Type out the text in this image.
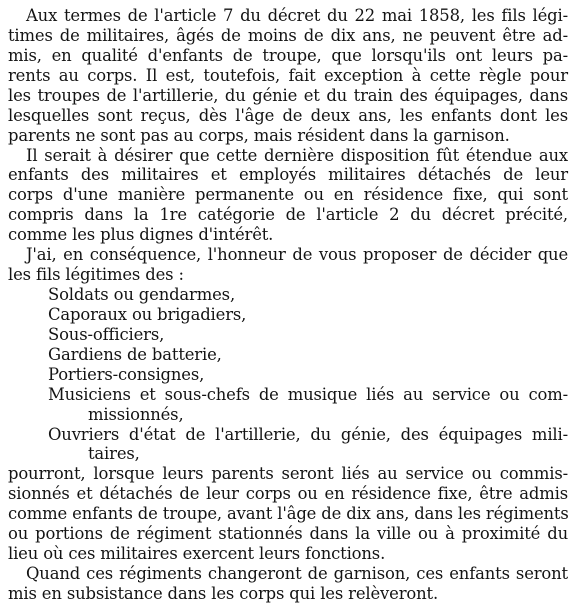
Aux termes de l'article 7 du décret du 22 mai 1858, les fils légi-
times de militaires, âgés de moins de dix ans, ne peuvent être ad-
mis, en qualité d'enfants de troupe, que lorsqu'ils ont leurs pa-
rents au corps. Il est, toutefois, fait exception à cette règle pour
les troupes de l'artillerie, du génie et du train des équipages, dans
lesquelles sont reçus, dès l'âge de deux ans, les enfants dont les
parents ne sont pas au corps, mais résident dans la garnison.
Il serait à désirer que cette dernière disposition fût étendue aux
enfants des militaires et employés militaires détachés de leur
corps d'une manière permanente ou en résidence fixe, qui sont
compris dans la 1re catégorie de l'article 2 du décret précité,
comme les plus dignes d'intérêt.
J'ai, en conséquence, l'honneur de vous proposer de décider que
les fils légitimes des :
Soldats ou gendarmes,
Caporaux ou brigadiers,
Sous-officiers,
Gardiens de batterie,
Portiers-consignes,
Musiciens et sous-chefs de musique liés au service ou com-
missionnés,
Ouvriers d'état de l'artillerie, du génie, des équipages mili-
taires,
pourront, lorsque leurs parents seront liés au service ou commis-
sionnés et détachés de leur corps ou en résidence fixe, être admis
comme enfants de troupe, avant l'âge de dix ans, dans les régiments
ou portions de régiment stationnés dans la ville ou à proximité du
lieu où ces militaires exercent leurs fonctions.
Quand ces régiments changeront de garnison, ces enfants seront
mis en subsistance dans les corps qui les relèveront.
